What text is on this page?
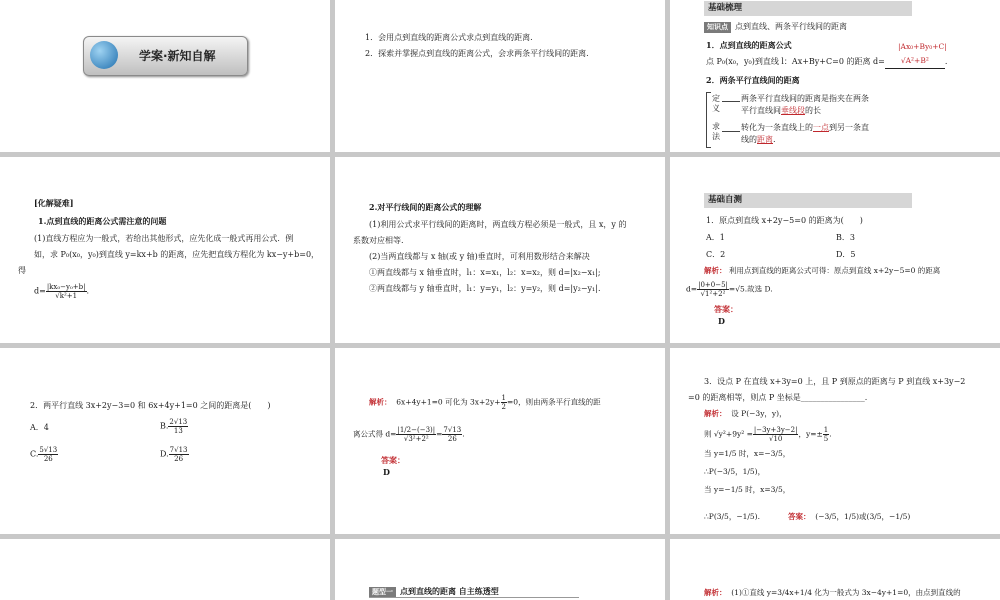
学案·新知自解
1．会用点到直线的距离公式求点到直线的距离.
2．探索并掌握点到直线的距离公式，会求两条平行线间的距离.
基础梳理
知识点 点到直线、两条平行线间的距离
1．点到直线的距离公式	|Ax₀+By₀+C|
点 P₀(x₀，y₀)到直线 l：Ax+By+C=0 的距离 d= √A²+B² .
2．两条平行直线间的距离
定义
两条平行直线间的距离是指夹在两条
平行直线间垂线段的长
求法
转化为一条直线上的一点到另一条直
线的距离.
[化解疑难]
1.点到直线的距离公式需注意的问题
(1)直线方程应为一般式，若给出其他形式，应先化成一般式再用公式．例
如，求 P₀(x₀，y₀)到直线 y=kx+b 的距离，应先把直线方程化为 kx−y+b=0，
得
$d= \frac{\text{|kx₀−y₀+b|}}{\text{√k²+1}}$ .
2.对平行线间的距离公式的理解
(1)利用公式求平行线间的距离时，两直线方程必须是一般式，且 x，y 的
系数对应相等.
(2)当两直线都与 x 轴(或 y 轴)垂直时，可利用数形结合来解决
①两直线都与 x 轴垂直时，l₁：x=x₁，l₂：x=x₂，则 d=|x₂−x₁|;
②两直线都与 y 轴垂直时，l₁：y=y₁，l₂：y=y₂，则 d=|y₂−y₁|.
基础自测
1．原点到直线 x+2y−5=0 的距离为(　　)
A．1	B．3
C．2	D．5
解析： 利用点到直线的距离公式可得：原点到直线 x+2y−5=0 的距离
$d= \frac{|0+0-5|}{\text{√1²+2²}} =√5$.故选 D.
答案：
D
2．两平行直线 3x+2y−3=0 和 6x+4y+1=0 之间的距离是(　　)
A．4	B. $\frac{2√13}{13}$
C. $\frac{5√13}{26}$	D. $\frac{7√13}{26}$
解析： 6x+4y+1=0 可化为 $3x+2y+ \frac{1}{2} =0$，则由两条平行直线的距
离公式得 $d= \frac{|1/2-(-3)|}{\text{√3²+2²}} = \frac{7√13}{26}$ .
答案：
D
3．设点 P 在直线 x+3y=0 上，且 P 到原点的距离与 P 到直线 x+3y−2
=0 的距离相等，则点 P 坐标是________________.
解析： 设 P(−3y，y)，
则 $√y^2+9y^2 = \frac{|-3y+3y-2|}{√10}$ ，$y=\pm \frac{1}{5}$ .
当 y=1/5 时，x=−3/5，
∴P(−3/5，1/5)，
当 y=−1/5 时，x=3/5，
∴P(3/5，−1/5).	答案： (−3/5，1/5)或(3/5，−1/5)
题型一 点到直线的距离 自主练透型	解析： (1)①直线 y=3/4x+1/4 化为一般式为 3x−4y+1=0，由点到直线的
